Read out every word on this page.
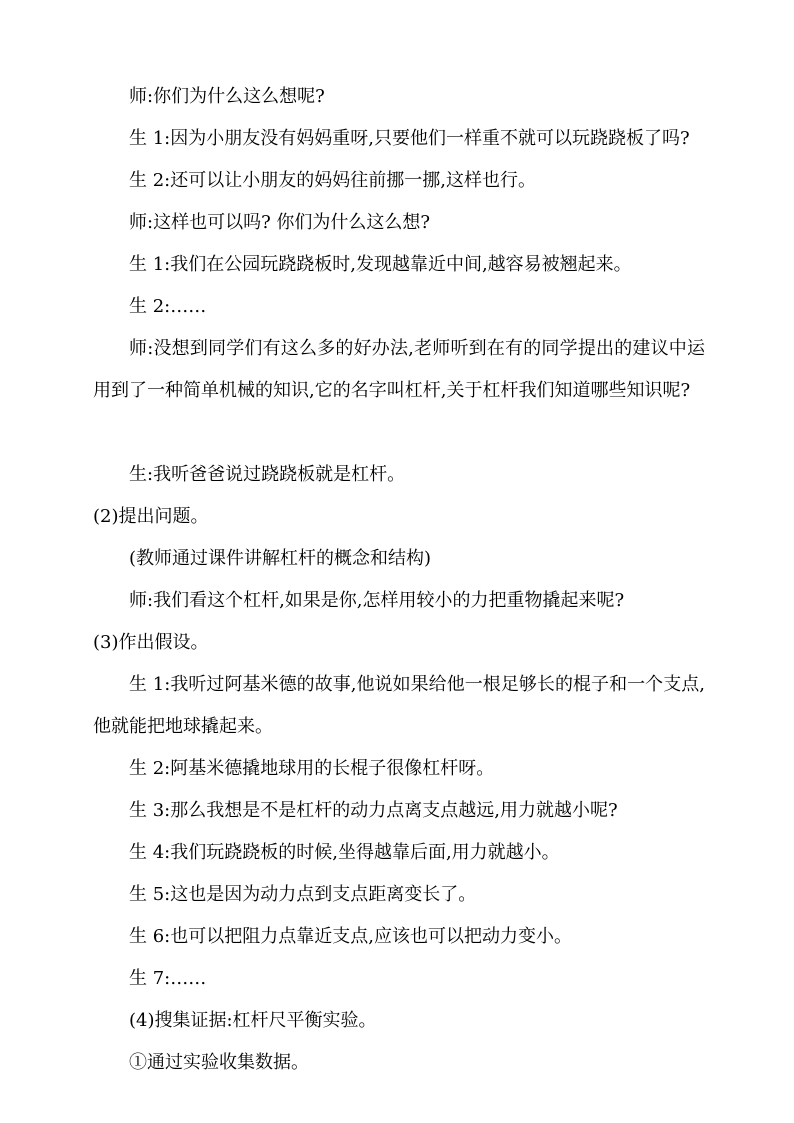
师:你们为什么这么想呢?
生 1:因为小朋友没有妈妈重呀,只要他们一样重不就可以玩跷跷板了吗?
生 2:还可以让小朋友的妈妈往前挪一挪,这样也行。
师:这样也可以吗? 你们为什么这么想?
生 1:我们在公园玩跷跷板时,发现越靠近中间,越容易被翘起来。
生 2:……
师:没想到同学们有这么多的好办法,老师听到在有的同学提出的建议中运用到了一种简单机械的知识,它的名字叫杠杆,关于杠杆我们知道哪些知识呢?
生:我听爸爸说过跷跷板就是杠杆。
(2)提出问题。
(教师通过课件讲解杠杆的概念和结构)
师:我们看这个杠杆,如果是你,怎样用较小的力把重物撬起来呢?
(3)作出假设。
生 1:我听过阿基米德的故事,他说如果给他一根足够长的棍子和一个支点,他就能把地球撬起来。
生 2:阿基米德撬地球用的长棍子很像杠杆呀。
生 3:那么我想是不是杠杆的动力点离支点越远,用力就越小呢?
生 4:我们玩跷跷板的时候,坐得越靠后面,用力就越小。
生 5:这也是因为动力点到支点距离变长了。
生 6:也可以把阻力点靠近支点,应该也可以把动力变小。
生 7:……
(4)搜集证据:杠杆尺平衡实验。
①通过实验收集数据。
